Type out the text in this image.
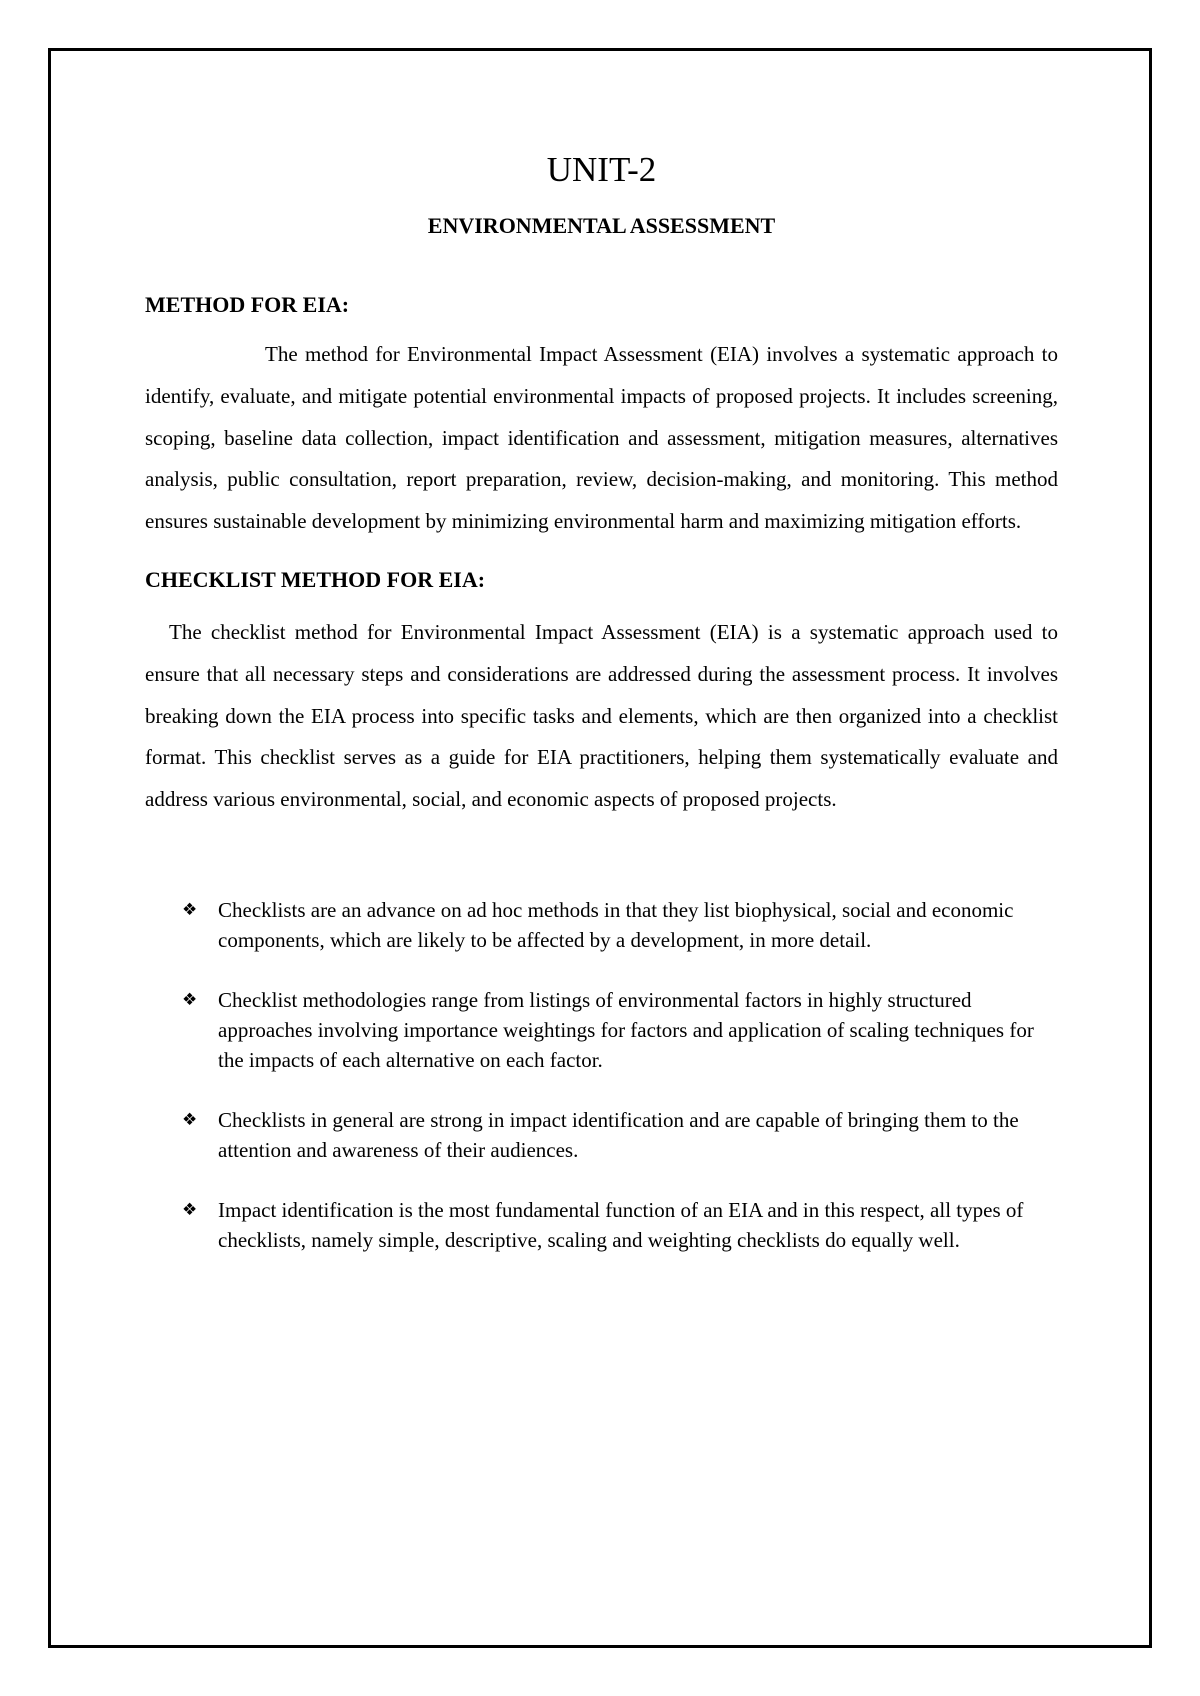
UNIT-2
ENVIRONMENTAL ASSESSMENT
METHOD FOR EIA:

The method for Environmental Impact Assessment (EIA) involves a systematic approach to identify, evaluate, and mitigate potential environmental impacts of proposed projects. It includes screening, scoping, baseline data collection, impact identification and assessment, mitigation measures, alternatives analysis, public consultation, report preparation, review, decision-making, and monitoring. This method ensures sustainable development by minimizing environmental harm and maximizing mitigation efforts.

CHECKLIST METHOD FOR EIA:

The checklist method for Environmental Impact Assessment (EIA) is a systematic approach used to ensure that all necessary steps and considerations are addressed during the assessment process. It involves breaking down the EIA process into specific tasks and elements, which are then organized into a checklist format. This checklist serves as a guide for EIA practitioners, helping them systematically evaluate and address various environmental, social, and economic aspects of proposed projects.

❖ Checklists are an advance on ad hoc methods in that they list biophysical, social and economic components, which are likely to be affected by a development, in more detail.
❖ Checklist methodologies range from listings of environmental factors in highly structured approaches involving importance weightings for factors and application of scaling techniques for the impacts of each alternative on each factor.
❖ Checklists in general are strong in impact identification and are capable of bringing them to the attention and awareness of their audiences.
❖ Impact identification is the most fundamental function of an EIA and in this respect, all types of checklists, namely simple, descriptive, scaling and weighting checklists do equally well.
